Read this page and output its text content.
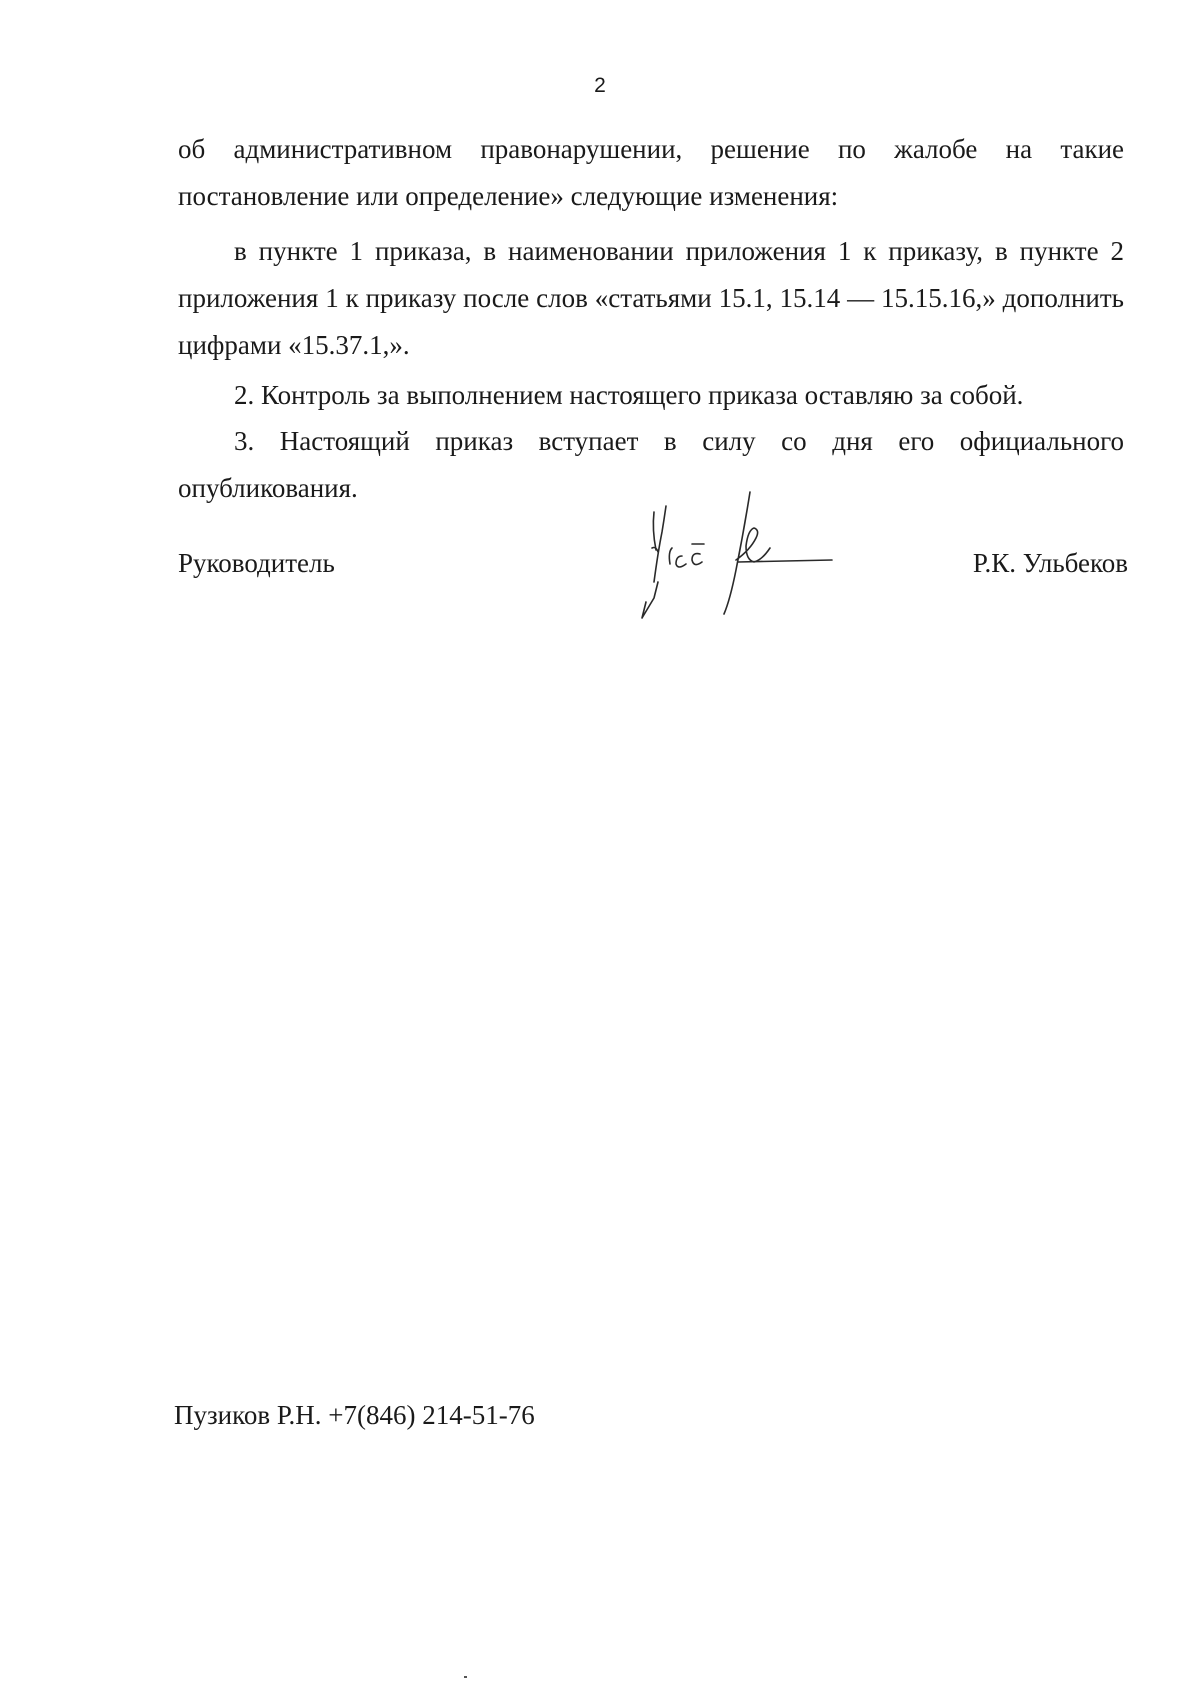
2

об административном правонарушении, решение по жалобе на такие постановление или определение» следующие изменения:

в пункте 1 приказа, в наименовании приложения 1 к приказу, в пункте 2 приложения 1 к приказу после слов «статьями 15.1, 15.14 — 15.15.16,» дополнить цифрами «15.37.1,».

2. Контроль за выполнением настоящего приказа оставляю за собой.

3. Настоящий приказ вступает в силу со дня его официального опубликования.

Руководитель	Р.К. Ульбеков
Пузиков Р.Н. +7(846) 214-51-76
